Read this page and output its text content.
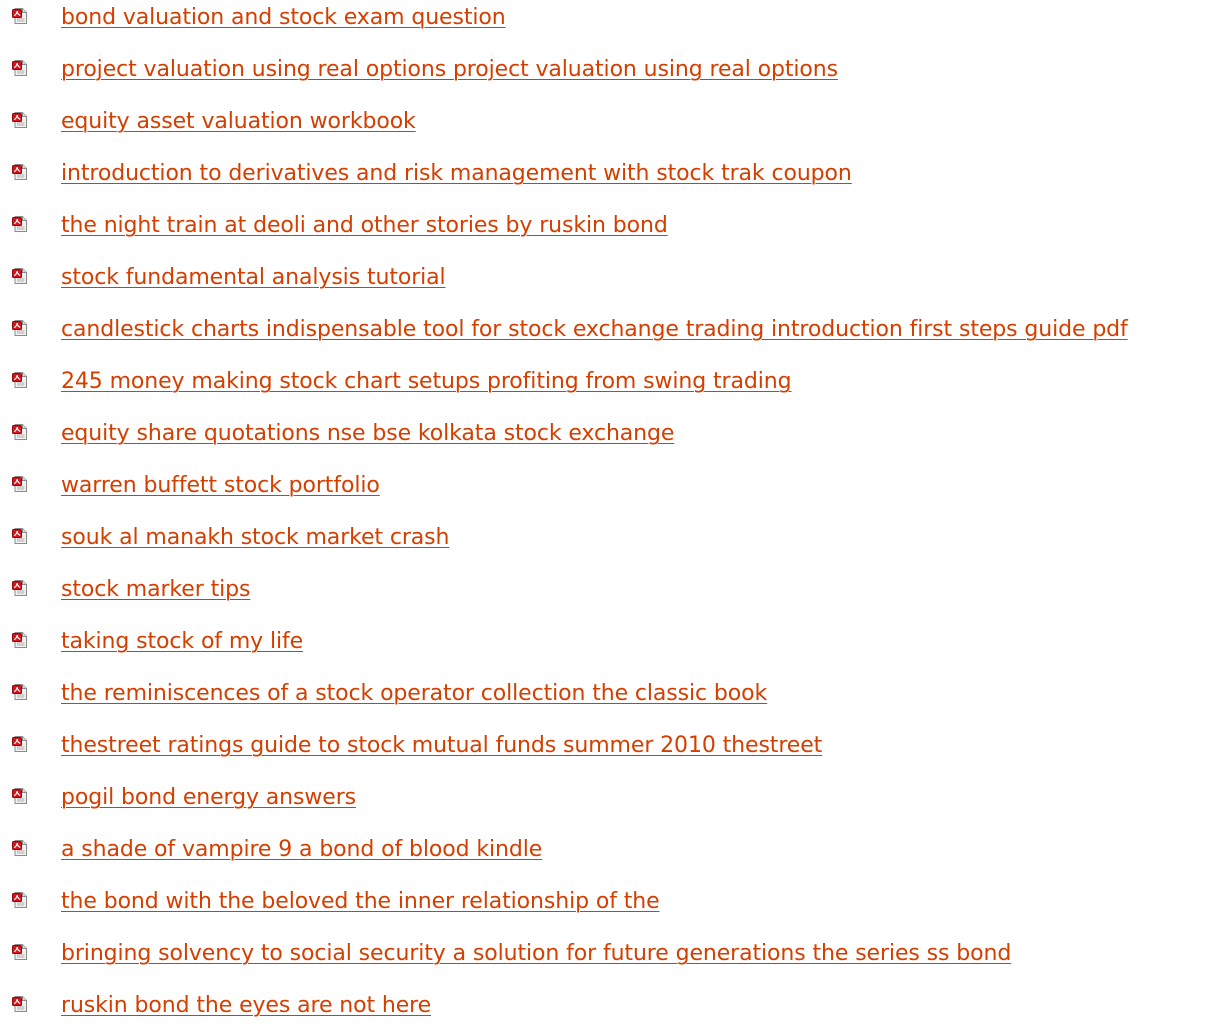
bond valuation and stock exam question
project valuation using real options project valuation using real options
equity asset valuation workbook
introduction to derivatives and risk management with stock trak coupon
the night train at deoli and other stories by ruskin bond
stock fundamental analysis tutorial
candlestick charts indispensable tool for stock exchange trading introduction first steps guide pdf
245 money making stock chart setups profiting from swing trading
equity share quotations nse bse kolkata stock exchange
warren buffett stock portfolio
souk al manakh stock market crash
stock marker tips
taking stock of my life
the reminiscences of a stock operator collection the classic book
thestreet ratings guide to stock mutual funds summer 2010 thestreet
pogil bond energy answers
a shade of vampire 9 a bond of blood kindle
the bond with the beloved the inner relationship of the
bringing solvency to social security a solution for future generations the series ss bond
ruskin bond the eyes are not here
